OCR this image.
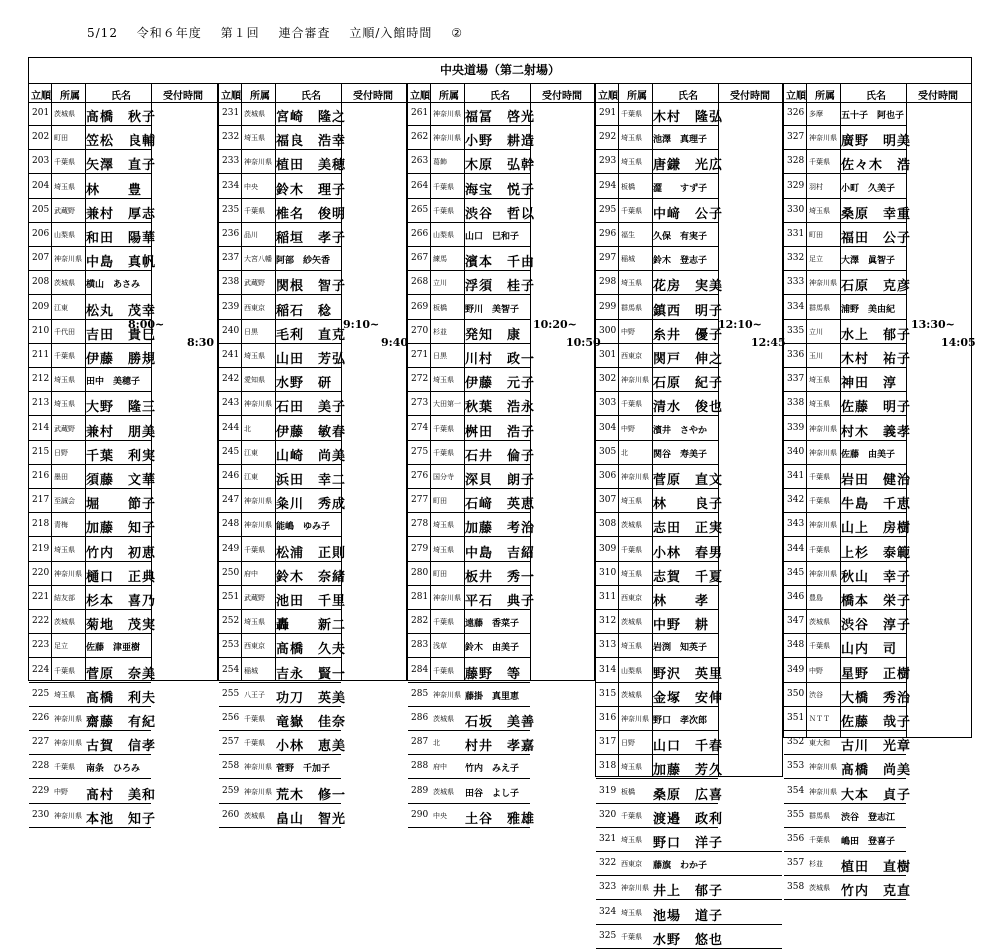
5/12 令和６年度 第１回 連合審査 立順/入館時間 ②
中央道場（第二射場）
立順 所属	氏名	受付時間
201 茨城県 髙橋　秋子
202 町田 笠松　良輔
203 千葉県 矢澤　直子
204 埼玉県 林　　豊
205 武蔵野 兼村　厚志
206 山梨県 和田　陽華
207 神奈川県 中島　真帆
208 茨城県 横山　あさみ
209 江東 松丸　茂幸
210 千代田 吉田　貴巳
211 千葉県 伊藤　勝規
212 埼玉県 田中　美穂子
213 埼玉県 大野　隆三
214 武蔵野 兼村　朋美
215 日野 千葉　利実
216 墨田 須藤　文華
217 至誠会 堀　　節子
218 青梅 加藤　知子
219 埼玉県 竹内　初恵
220 神奈川県 樋口　正典
221 結友部 杉本　喜乃
222 茨城県 菊地　茂実
223 足立 佐藤　津亜樹
224 千葉県 菅原　奈美
225 埼玉県 髙橋　利夫
226 神奈川県 齋藤　有紀
227 神奈川県 古賀　信孝
228 千葉県 南条　ひろみ
229 中野 髙村　美和
230 神奈川県 本池　知子
8:00~
8:30
立順 所属	氏名	受付時間
231 茨城県 宮崎　隆之
232 埼玉県 福良　浩幸
233 神奈川県 植田　美穂
234 中央 鈴木　理子
235 千葉県 椎名　俊明
236 品川 稲垣　孝子
237 大宮八幡 阿部　紗矢香
238 武蔵野 関根　智子
239 西東京 稲石　稔
240 日黒 毛利　直克
241 埼玉県 山田　芳弘
242 愛知県 水野　研
243 神奈川県 石田　美子
244 北 伊藤　敏春
245 江東 山崎　尚美
246 江東 浜田　幸二
247 神奈川県 粂川　秀成
248 神奈川県 能嶋　ゆみ子
249 千葉県 松浦　正則
250 府中 鈴木　奈緒
251 武蔵野 池田　千里
252 埼玉県 轟　　新二
253 西東京 髙橋　久夫
254 稲城 吉永　賢一
255 八王子 功刀　英美
256 千葉県 竜嶽　佳奈
257 千葉県 小林　恵美
258 神奈川県 菅野　千加子
259 神奈川県 荒木　修一
260 茨城県 畠山　智光
9:10~
9:40
立順 所属	氏名	受付時間
261 神奈川県 福冨　啓光
262 神奈川県 小野　耕造
263 葛飾 木原　弘幹
264 千葉県 海宝　悦子
265 千葉県 渋谷　哲以
266 山梨県 山口　巳和子
267 練馬 濱本　千由
268 立川 浮須　桂子
269 板橋 野川　美智子
270 杉並 発知　康
271 日黒 川村　政一
272 埼玉県 伊藤　元子
273 大田第一 秋葉　浩永
274 千葉県 桝田　浩子
275 千葉県 石井　倫子
276 国分寺 深貝　朗子
277 町田 石﨑　英恵
278 埼玉県 加藤　考治
279 埼玉県 中島　吉紹
280 町田 板井　秀一
281 神奈川県 平石　典子
282 千葉県 遠藤　香菜子
283 浅草 鈴木　由美子
284 千葉県 藤野　等
285 神奈川県 藤掛　真里恵
286 茨城県 石坂　美善
287 北 村井　孝嘉
288 府中 竹内　みえ子
289 茨城県 田谷　よし子
290 中央 土谷　雅雄
10:20~
10:50
立順 所属	氏名	受付時間
291 千葉県 木村　隆弘
292 埼玉県 池澤　真理子
293 埼玉県 唐鎌　光広
294 板橋 澀　　すず子
295 千葉県 中﨑　公子
296 福生 久保　有実子
297 稲城 鈴木　登志子
298 埼玉県 花房　実美
299 群馬県 鎮西　明子
300 中野 糸井　優子
301 西東京 関戸　伸之
302 神奈川県 石原　紀子
303 千葉県 清水　俊也
304 中野 濱井　さやか
305 北	関谷　寿美子
306 神奈川県 菅原　直文
307 埼玉県 林　　良子
308 茨城県 志田　正実
309 千葉県 小林　春男
310 埼玉県 志賀　千夏
311 西東京 林　　孝
312 茨城県 中野　耕
313 埼玉県 岩渕　知英子
314 山梨県 野沢　英里
315 茨城県 金塚　安伸
316 神奈川県 野口　孝次郎
317 日野 山口　千春
318 埼玉県 加藤　芳久
319 板橋 桑原　広喜
320 千葉県 渡邉　政利
321 埼玉県 野口　洋子
322 西東京 藤旗　わか子
323 神奈川県 井上　郁子
324 埼玉県 池場　道子
325 千葉県 水野　悠也
12:10~
12:45
立順 所属	氏名	受付時間
326 多摩 五十子　阿也子
327 神奈川県 廣野　明美
328 千葉県 佐々木　浩
329 羽村 小町　久美子
330 埼玉県 桑原　幸重
331 町田 福田　公子
332 足立 大澤　眞智子
333 神奈川県 石原　克彦
334 群馬県 浦野　美由紀
335 立川 水上　郁子
336 玉川 木村　祐子
337 埼玉県 神田　淳
338 埼玉県 佐藤　明子
339 神奈川県 村木　義孝
340 神奈川県 佐藤　由美子
341 千葉県 岩田　健治
342 千葉県 牛島　千恵
343 神奈川県 山上　房樹
344 千葉県 上杉　泰範
345 神奈川県 秋山　幸子
346 豊島 橋本　栄子
347 茨城県 渋谷　淳子
348 千葉県 山内　司
349 中野 星野　正樹
350 渋谷 大橋　秀治
351 ＮＴＴ 佐藤　哉子
352 東大和 古川　光章
353 神奈川県 髙橋　尚美
354 神奈川県 大本　貞子
355 群馬県 渋谷　登志江
356 千葉県 嶋田　登喜子
357 杉並 植田　直樹
358 茨城県 竹内　克直
13:30~
14:05
